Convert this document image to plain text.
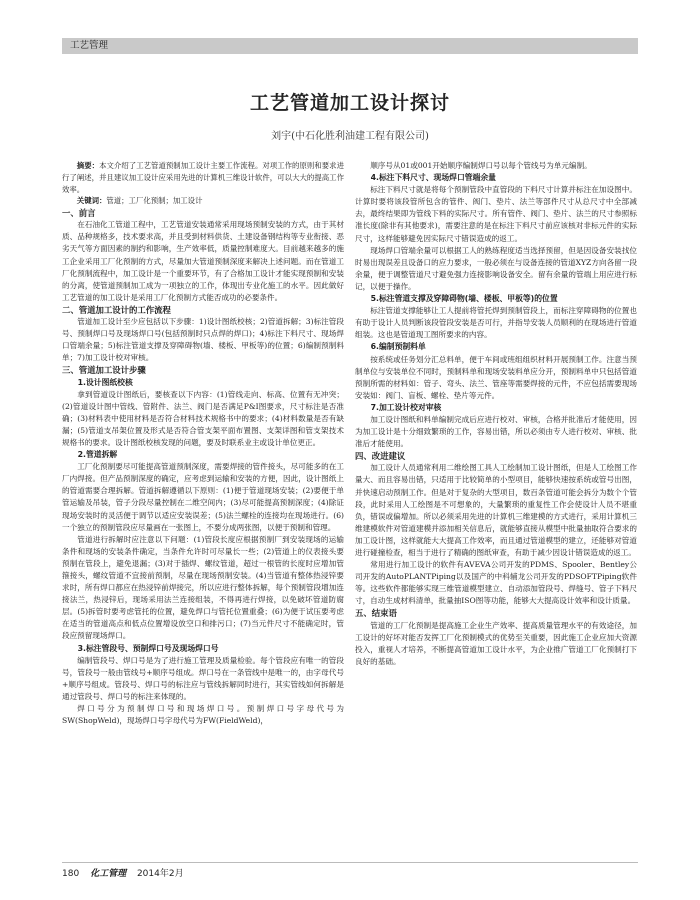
工艺管理
工艺管道加工设计探讨
刘宇(中石化胜利油建工程有限公司)

摘要：本文介绍了工艺管道预制加工设计主要工作流程。对项工作的原则和要求进行了阐述，并且建议加工设计应采用先进的计算机三维设计软件，可以大大的提高工作效率。

关键词：管道；工厂化预制；加工设计

一、前言

在石油化工管道工程中，工艺管道安装通常采用现场预制安装的方式，由于其材质、品种规格多，技术要求高，并且受到材料供货、土建设备钢结构等专业衔接、恶劣天气等方面因素的制约和影响，生产效率低，质量控制难度大。目前越来越多的施工企业采用工厂化预制的方式，尽量加大管道预制深度来解决上述问题。而在管道工厂化预制流程中，加工设计是一个重要环节，有了合格加工设计才能实现预制和安装的分离，使管道预制加工成为一项独立的工作，体现出专业化施工的水平。因此做好工艺管道的加工设计是采用工厂化预制方式能否成功的必要条件。

二、管道加工设计的工作流程

管道加工设计至少应包括以下步骤：1)设计图纸校核；2)管道拆解；3)标注管段号、预制焊口号及现场焊口号(包括预制时只点焊的焊口)；4)标注下料尺寸、现场焊口管端余量；5)标注管道支撑及穿障碍物(墙、楼板、甲板等)的位置；6)编制预制料单；7)加工设计校对审核。

三、管道加工设计步骤
1.设计图纸校核

拿到管道设计图纸后，要核查以下内容：(1)管线走向、标高、位置有无冲突；(2)管道设计图中管线、管附件、法兰、阀门是否满足P&I图要求，尺寸标注是否准确；(3)材料表中使用材料是否符合材料技术规格书中的要求；(4)材料数量是否有缺漏；(5)管道支吊架位置及形式是否符合管支架平面布置图、支架详图和管支架技术规格书的要求。设计图纸校核发现的问题，要及时联系业主或设计单位更正。

2.管道拆解

工厂化预制要尽可能提高管道预制深度，需要焊接的管件接头，尽可能多的在工厂内焊接。但产品预制深度的确定，应考虑到运输和安装的方便，因此，设计图纸上的管道需要合理拆解。管道拆解遵循以下原则：(1)便于管道现场安装；(2)要便于单管运输及吊装，管子分段尽量控制在二维空间内；(3)尽可能提高预制深度；(4)除证现场安装时的灵活便于调节以适应安装误差；(5)法兰螺栓的连接均在现场进行。(6)一个独立的预制管段应尽量画在一张图上，不要分成两张图，以便于预制和管理。

管道进行拆解时应注意以下问题：(1)管段长度应根据预制厂到安装现场的运输条件和现场的安装条件确定，当条件允许时可尽量长一些；(2)管道上的仪表接头要预制在管段上，避免退漏；(3)对于插焊、螺纹管道，超过一根管的长度时应增加管箍接头，螺纹管道不宜接前预制，尽量在现场预制安装。(4)当管道有整体热浸锌要求时，所有焊口都应在热浸锌前焊接完，所以应进行整体拆解，每个预制管段增加连接法兰，热浸锌后，现场采用法兰连接组装，不得再进行焊接，以免破坏管道防腐层。(5)拆管时要考虑管托的位置，避免焊口与管托位置重叠；(6)为便于试压要考虑在适当的管道高点和低点位置增设放空口和排污口；(7)当元件尺寸不能确定时，管段应预留现场焊口。

3.标注管段号、预制焊口号及现场焊口号

编制管段号、焊口号是为了进行施工管理及质量检验。每个管段应有唯一的管段号，管段号一般由管线号+顺序号组成。焊口号在一条管线中是唯一的，由字母代号+顺序号组成。管段号、焊口号的标注应与管线拆解同时进行，其实管线如何拆解是通过管段号、焊口号的标注来体现的。

焊口号分为预制焊口号和现场焊口号。预制焊口号字母代号为SW(ShopWeld)，现场焊口号字母代号为FW(FieldWeld)，

顺序号从01或001开始顺序编制焊口号以每个管线号为单元编制。

4.标注下料尺寸、现场焊口管端余量

标注下料尺寸就是将每个预制管段中直管段的下料尺寸计算并标注在加设图中。计算时要将该段管所包含的管件、阀门、垫片、法兰等部件尺寸从总尺寸中全部减去，最终结果即为管线下料的实际尺寸。所有管件、阀门、垫片、法兰的尺寸参照标准长度(除非有其他要求)，需要注意的是在标注下料尺寸前应该核对非标元件的实际尺寸，这样能够避免因实际尺寸错误造成的返工。

现场焊口管端余量可以根据工人的熟练程度适当选择预留，但是因设备安装找位时易出现误差且设备口的应力要求，一般必须在与设备连接的管道XYZ方向各留一段余量，便于调整管道尺寸避免强力连接影响设备安全。留有余量的管端上用应进行标记，以便于操作。

5.标注管道支撑及穿障碍物(墙、楼板、甲板等)的位置

标注管道支撑能够让工人提前将管托焊到预制管段上，而标注穿障碍物的位置也有助于设计人员判断该段管段安装是否可行，并指导安装人员顺利的在现场进行管道组装。这也是管道现工图所要求的内容。

6.编制预制料单

按系统或任务划分汇总料单，便于车间或班组组织材料开展预制工作。注意当预制单位与安装单位不同时，预制料单和现场安装料单应分开，预制料单中只包括管道预制所需的材料如：管子、弯头、法兰、管座等需要焊接的元件，不应包括需要现场安装如：阀门、盲板、螺栓、垫片等元件。

7.加工设计校对审核

加工设计图纸和料单编制完成后应进行校对、审核，合格并批准后才能使用，因为加工设计是十分细致繁琐的工作，容易出错，所以必须由专人进行校对、审核、批准后才能使用。

四、改进建议

加工设计人员通常利用二维绘图工具人工绘制加工设计图纸，但是人工绘图工作量大、而且容易出错，只适用于比较简单的小型项目，能够快速按系统或管号出图，并快速启动预制工作。但是对于复杂的大型项目，数百条管道可能会拆分为数个个管段，此时采用人工绘图是不可想象的，大量繁琐的重复性工作会使设计人员不堪重负，错误或偏增加。所以必须采用先进的计算机三维建模的方式进行，采用计算机三维建模软件对管道建模并添加相关信息后，就能够直接从模型中批量抽取符合要求的加工设计图，这样就能大大提高工作效率，而且通过管道模型的建立，还能够对管道进行碰撞检查，相当于进行了精确的图纸审查，有助于减少因设计错误造成的返工。

常用进行加工设计的软件有AVEVA公司开发的PDMS、Spooler、Bentley公司开发的AutoPLANTPiping以及国产的中科辅龙公司开发的PDSOFTPiping软件等。这些软件都能够实现三维管道模型建立、自动添加管段号、焊缝号、管子下料尺寸，自动生成材料清单，批量抽ISO图等功能，能够大大提高设计效率和设计质量。

五、结束语

管道的工厂化预制是提高施工企业生产效率、提高质量管理水平的有效途径，加工设计的好坏对能否发挥工厂化预制模式的优势至关重要，因此施工企业应加大资源投入，重视人才培养，不断提高管道加工设计水平，为企业推广管道工厂化预制打下良好的基础。

180 化工管理 2014年2月
